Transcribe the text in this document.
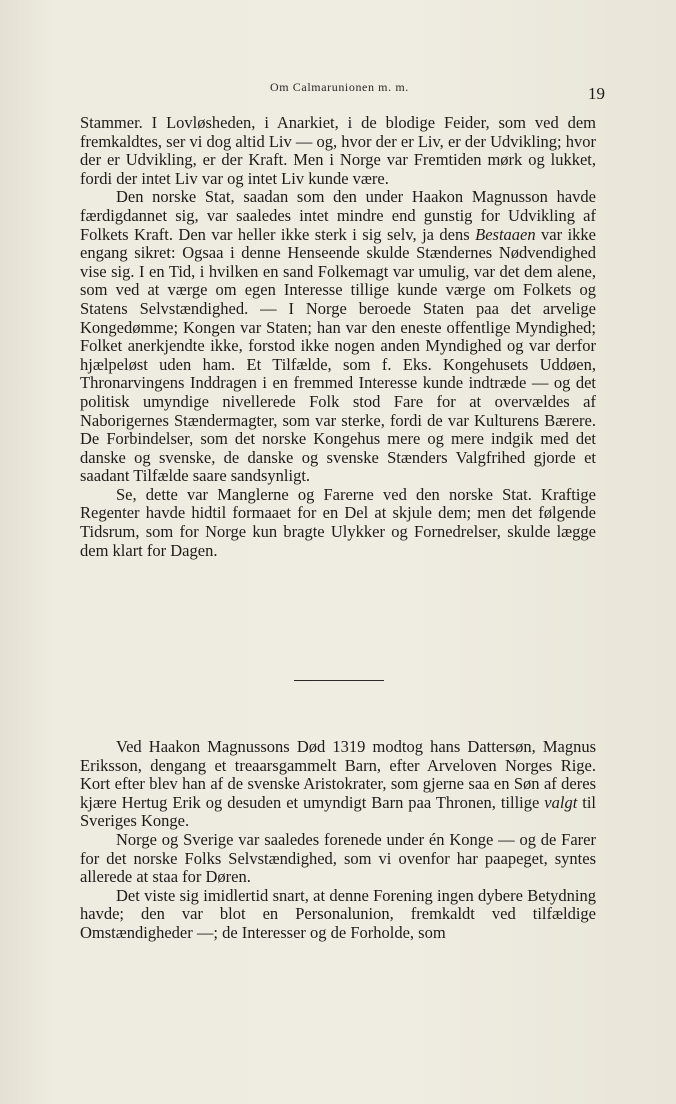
Om Calmarunionen m. m.	19

Stammer. I Lovløsheden, i Anarkiet, i de blodige Feider, som ved dem fremkaldtes, ser vi dog altid Liv — og, hvor der er Liv, er der Udvikling; hvor der er Udvikling, er der Kraft. Men i Norge var Fremtiden mørk og lukket, fordi der intet Liv var og intet Liv kunde være.

Den norske Stat, saadan som den under Haakon Magnusson havde færdigdannet sig, var saaledes intet mindre end gunstig for Udvikling af Folkets Kraft. Den var heller ikke sterk i sig selv, ja dens Bestaaen var ikke engang sikret: Ogsaa i denne Henseende skulde Stændernes Nødvendighed vise sig. I en Tid, i hvilken en sand Folkemagt var umulig, var det dem alene, som ved at værge om egen Interesse tillige kunde værge om Folkets og Statens Selvstændighed. — I Norge beroede Staten paa det arvelige Kongedømme; Kongen var Staten; han var den eneste offentlige Myndighed; Folket anerkjendte ikke, forstod ikke nogen anden Myndighed og var derfor hjælpeløst uden ham. Et Tilfælde, som f. Eks. Kongehusets Uddøen, Thronarvingens Inddragen i en fremmed Interesse kunde indtræde — og det politisk umyndige nivellerede Folk stod Fare for at overvældes af Naborigernes Stændermagter, som var sterke, fordi de var Kulturens Bærere. De Forbindelser, som det norske Kongehus mere og mere indgik med det danske og svenske, de danske og svenske Stænders Valgfrihed gjorde et saadant Tilfælde saare sandsynligt.

Se, dette var Manglerne og Farerne ved den norske Stat. Kraftige Regenter havde hidtil formaaet for en Del at skjule dem; men det følgende Tidsrum, som for Norge kun bragte Ulykker og Fornedrelser, skulde lægge dem klart for Dagen.

Ved Haakon Magnussons Død 1319 modtog hans Dattersøn, Magnus Eriksson, dengang et treaarsgammelt Barn, efter Arveloven Norges Rige. Kort efter blev han af de svenske Aristokrater, som gjerne saa en Søn af deres kjære Hertug Erik og desuden et umyndigt Barn paa Thronen, tillige valgt til Sveriges Konge.

Norge og Sverige var saaledes forenede under én Konge — og de Farer for det norske Folks Selvstændighed, som vi ovenfor har paapeget, syntes allerede at staa for Døren.

Det viste sig imidlertid snart, at denne Forening ingen dybere Betydning havde; den var blot en Personalunion, fremkaldt ved tilfældige Omstændigheder —; de Interesser og de Forholde, som
